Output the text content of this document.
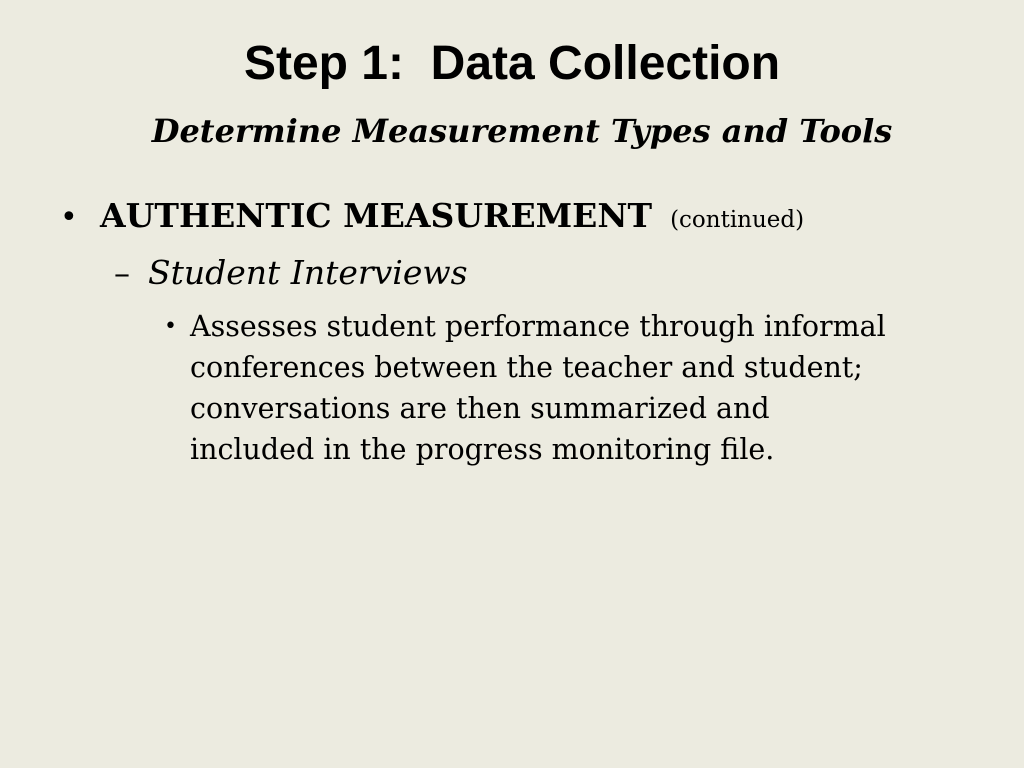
Step 1:  Data Collection
Determine Measurement Types and Tools
• AUTHENTIC MEASUREMENT (continued)
– Student Interviews
• Assesses student performance through informal conferences between the teacher and student; conversations are then summarized and included in the progress monitoring file.
